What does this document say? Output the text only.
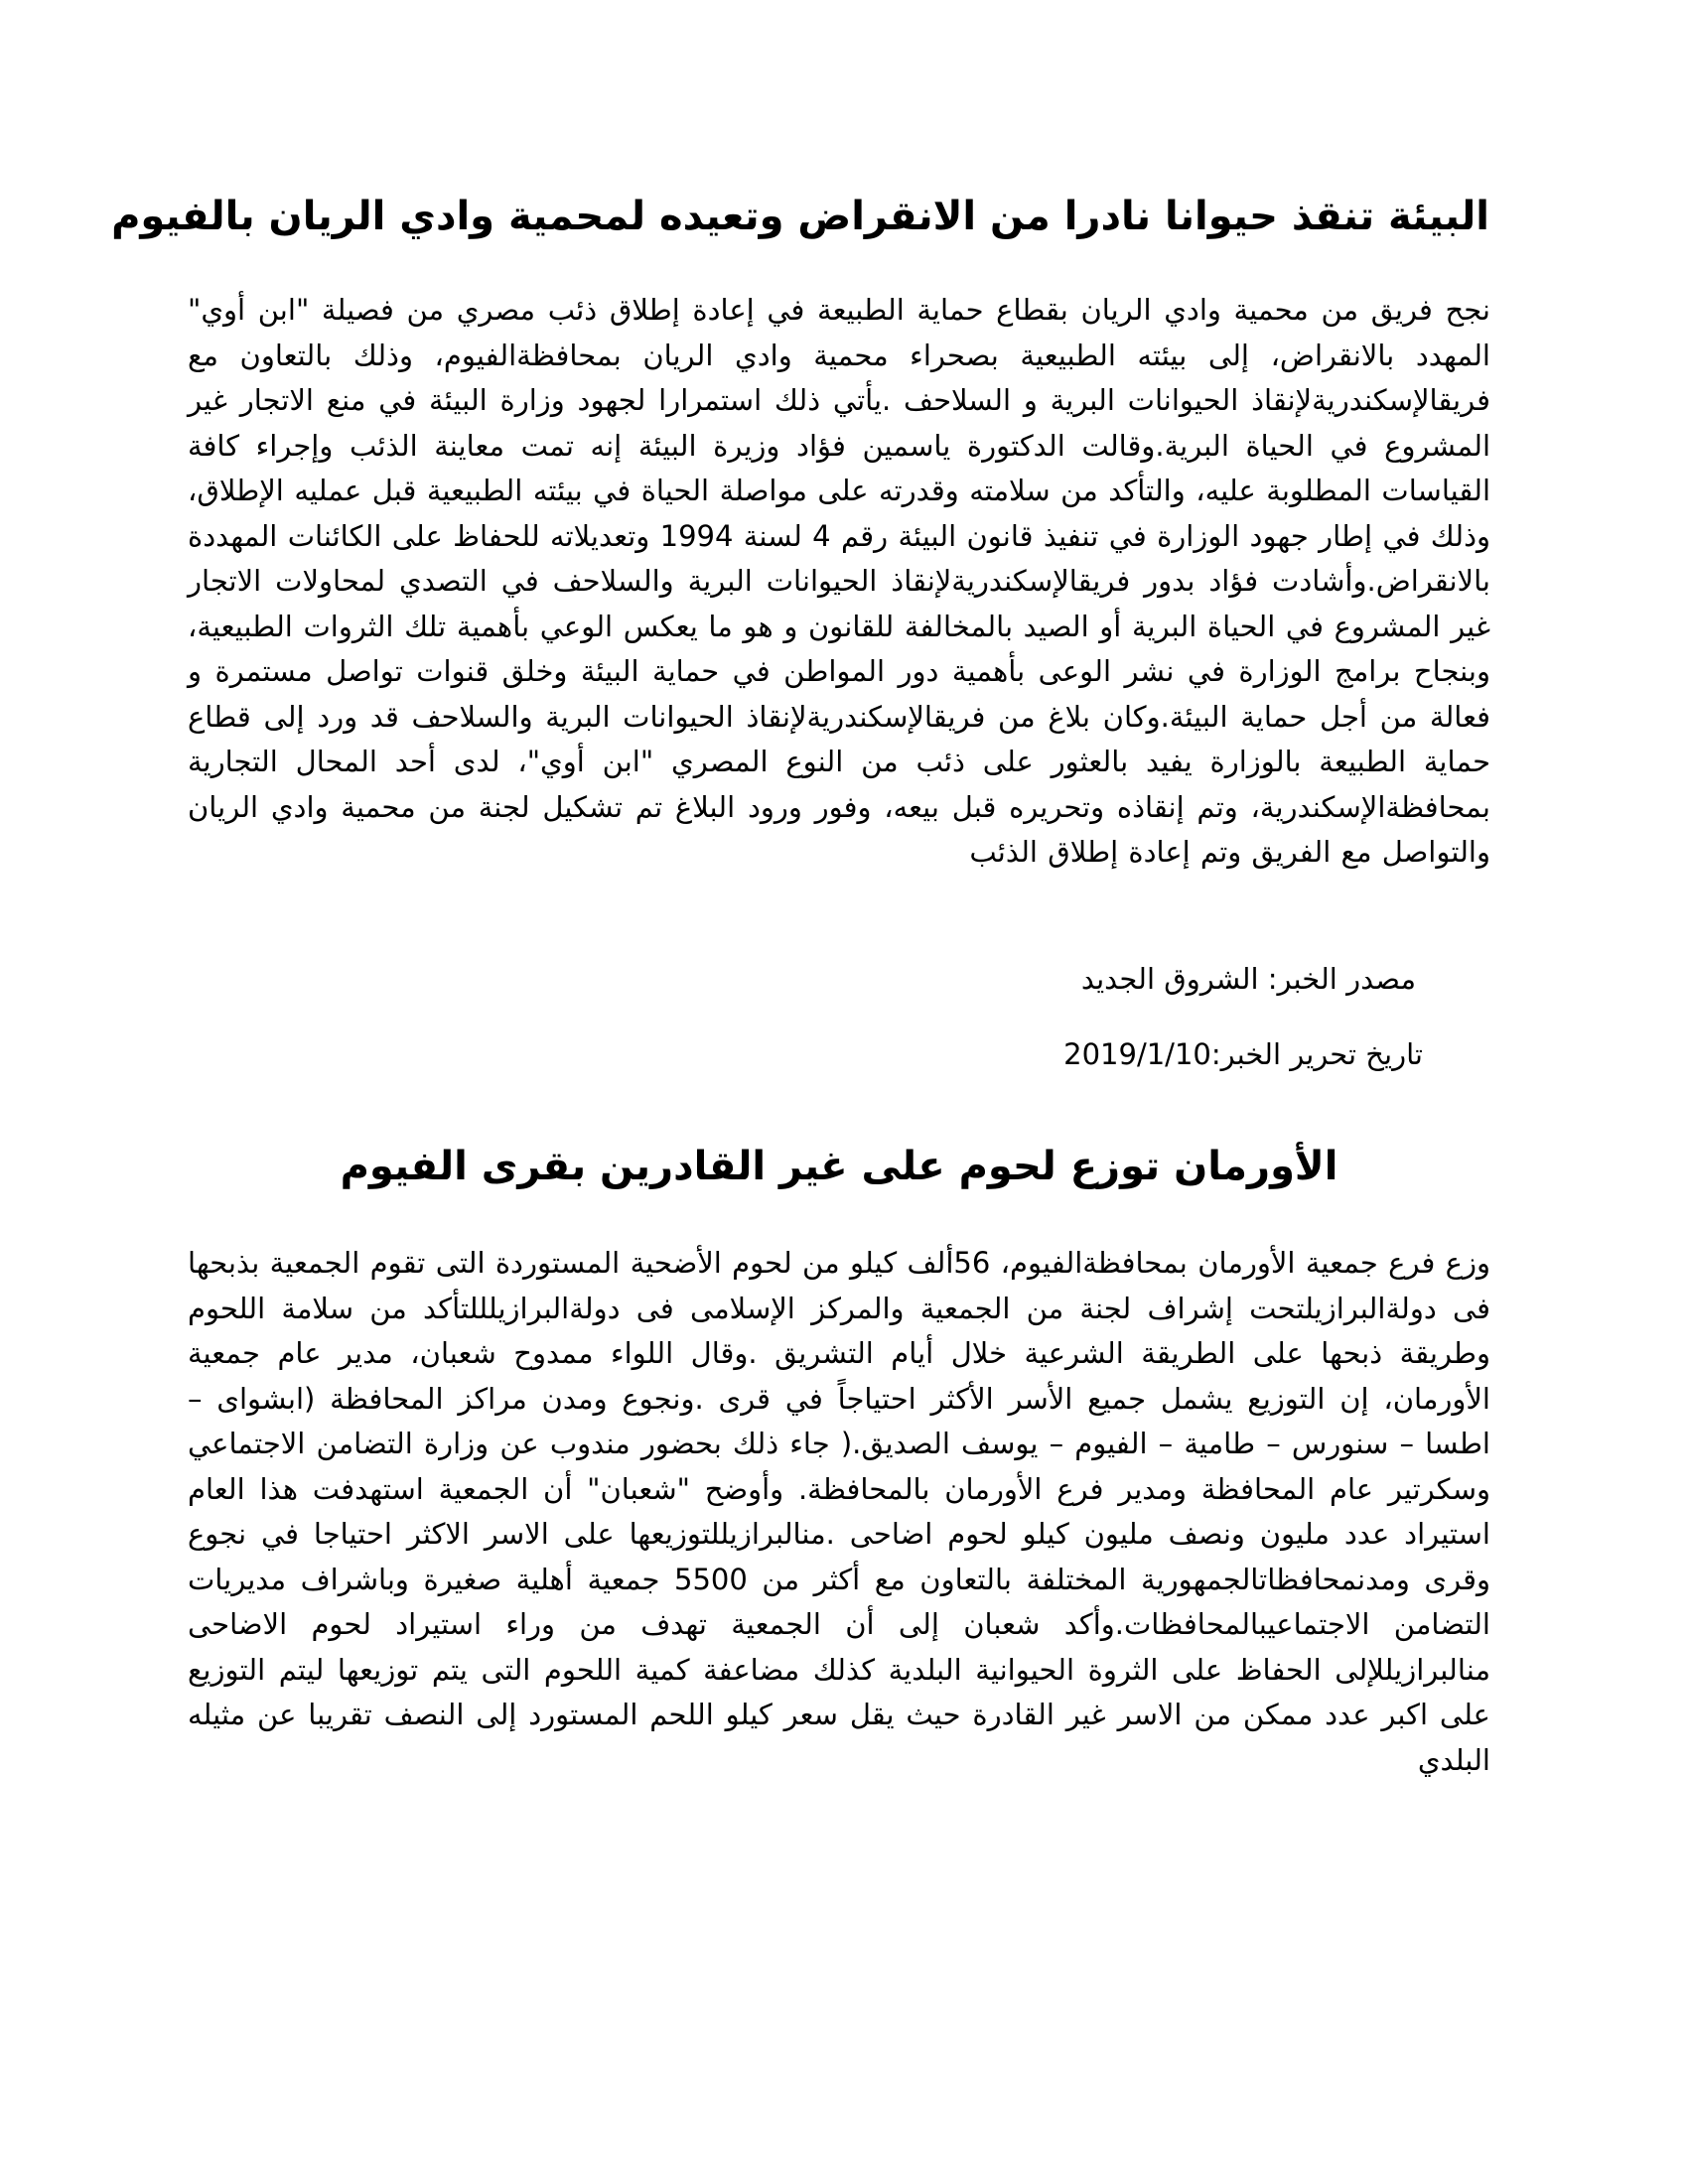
البيئة تنقذ حيوانا نادرا من الانقراض وتعيده لمحمية وادي الريان بالفيوم
نجح فريق من محمية وادي الريان بقطاع حماية الطبيعة في إعادة إطلاق ذئب مصري من فصيلة "ابن أوي" المهدد بالانقراض، إلى بيئته الطبيعية بصحراء محمية وادي الريان بمحافظةالفيوم، وذلك بالتعاون مع فريقالإسكندريةلإنقاذ الحيوانات البرية و السلاحف .يأتي ذلك استمرارا لجهود وزارة البيئة في منع الاتجار غير المشروع في الحياة البرية.وقالت الدكتورة ياسمين فؤاد وزيرة البيئة إنه تمت معاينة الذئب وإجراء كافة القياسات المطلوبة عليه، والتأكد من سلامته وقدرته على مواصلة الحياة في بيئته الطبيعية قبل عمليه الإطلاق، وذلك في إطار جهود الوزارة في تنفيذ قانون البيئة رقم 4 لسنة 1994 وتعديلاته للحفاظ على الكائنات المهددة بالانقراض.وأشادت فؤاد بدور فريقالإسكندريةلإنقاذ الحيوانات البرية والسلاحف في التصدي لمحاولات الاتجار غير المشروع في الحياة البرية أو الصيد بالمخالفة للقانون و هو ما يعكس الوعي بأهمية تلك الثروات الطبيعية، وبنجاح برامج الوزارة في نشر الوعى بأهمية دور المواطن في حماية البيئة وخلق قنوات تواصل مستمرة و فعالة من أجل حماية البيئة.وكان بلاغ من فريقالإسكندريةلإنقاذ الحيوانات البرية والسلاحف قد ورد إلى قطاع حماية الطبيعة بالوزارة يفيد بالعثور على ذئب من النوع المصري "ابن أوي"، لدى أحد المحال التجارية بمحافظةالإسكندرية، وتم إنقاذه وتحريره قبل بيعه، وفور ورود البلاغ تم تشكيل لجنة من محمية وادي الريان والتواصل مع الفريق وتم إعادة إطلاق الذئب
مصدر الخبر: الشروق الجديد
تاريخ تحرير الخبر:2019/1/10
الأورمان توزع لحوم على غير القادرين بقرى الفيوم
وزع فرع جمعية الأورمان بمحافظةالفيوم، 56ألف كيلو من لحوم الأضحية المستوردة التى تقوم الجمعية بذبحها فى دولةالبرازيلتحت إشراف لجنة من الجمعية والمركز الإسلامى فى دولةالبرازيلللتأكد من سلامة اللحوم وطريقة ذبحها على الطريقة الشرعية خلال أيام التشريق .وقال اللواء ممدوح شعبان، مدير عام جمعية الأورمان، إن التوزيع يشمل جميع الأسر الأكثر احتياجاً في قرى .ونجوع ومدن مراكز المحافظة (ابشواى – اطسا – سنورس – طامية – الفيوم – يوسف الصديق.( جاء ذلك بحضور مندوب عن وزارة التضامن الاجتماعي وسكرتير عام المحافظة ومدير فرع الأورمان بالمحافظة. وأوضح "شعبان" أن الجمعية استهدفت هذا العام استيراد عدد مليون ونصف مليون كيلو لحوم اضاحى .منالبرازيللتوزيعها على الاسر الاكثر احتياجا في نجوع وقرى ومدنمحافظاتالجمهورية المختلفة بالتعاون مع أكثر من 5500 جمعية أهلية صغيرة وباشراف مديريات التضامن الاجتماعيبالمحافظات.وأكد شعبان إلى أن الجمعية تهدف من وراء استيراد لحوم الاضاحى منالبرازيللإلى الحفاظ على الثروة الحيوانية البلدية كذلك مضاعفة كمية اللحوم التى يتم توزيعها ليتم التوزيع على اكبر عدد ممكن من الاسر غير القادرة حيث يقل سعر كيلو اللحم المستورد إلى النصف تقريبا عن مثيله البلدي
